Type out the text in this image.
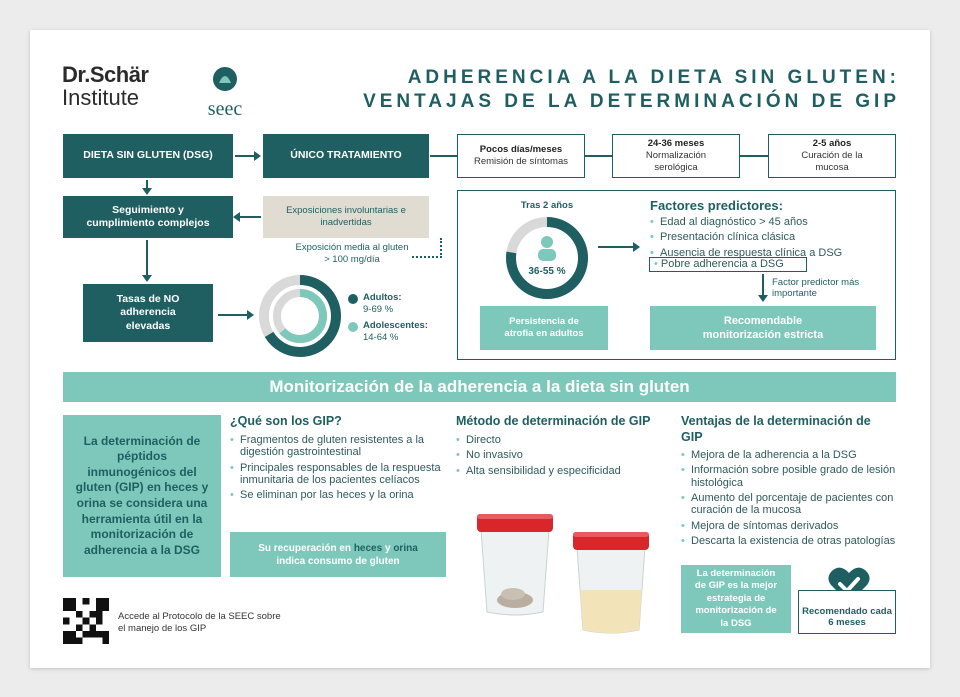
Dr.Schär
Institute	seec
ADHERENCIA A LA DIETA SIN GLUTEN:
VENTAJAS DE LA DETERMINACIÓN DE GIP
DIETA SIN GLUTEN (DSG)	ÚNICO TRATAMIENTO	Pocos días/meses
Remisión de síntomas
24-36 meses
Normalización serológica
2-5 años
Curación de la mucosa
Seguimiento y cumplimiento complejos
Exposiciones involuntarias e inadvertidas
Exposición media al gluten > 100 mg/día
Tasas de NO adherencia elevadas
Adultos:
9-69 %
Adolescentes:
14-64 %
Tras 2 años
36-55 %
Persistencia de atrofia en adultos
Factores predictores:
• Edad al diagnóstico > 45 años
• Presentación clínica clásica
• Ausencia de respuesta clínica a DSG
• Pobre adherencia a DSG
Factor predictor más importante
Recomendable monitorización estricta
Monitorización de la adherencia a la dieta sin gluten
La determinación de péptidos inmunogénicos del gluten (GIP) en heces y orina se considera una herramienta útil en la monitorización de adherencia a la DSG
¿Qué son los GIP?
• Fragmentos de gluten resistentes a la digestión gastrointestinal
• Principales responsables de la respuesta inmunitaria de los pacientes celíacos
• Se eliminan por las heces y la orina
Su recuperación en heces y orina
indica consumo de gluten
Método de determinación de GIP
• Directo
• No invasivo
• Alta sensibilidad y especificidad
Ventajas de la determinación de GIP
• Mejora de la adherencia a la DSG
• Información sobre posible grado de lesión histológica
• Aumento del porcentaje de pacientes con curación de la mucosa
• Mejora de síntomas derivados
• Descarta la existencia de otras patologías
La determinación de GIP es la mejor estrategia de monitorización de la DSG
Recomendado cada 6 meses
Accede al Protocolo de la SEEC sobre el manejo de los GIP
